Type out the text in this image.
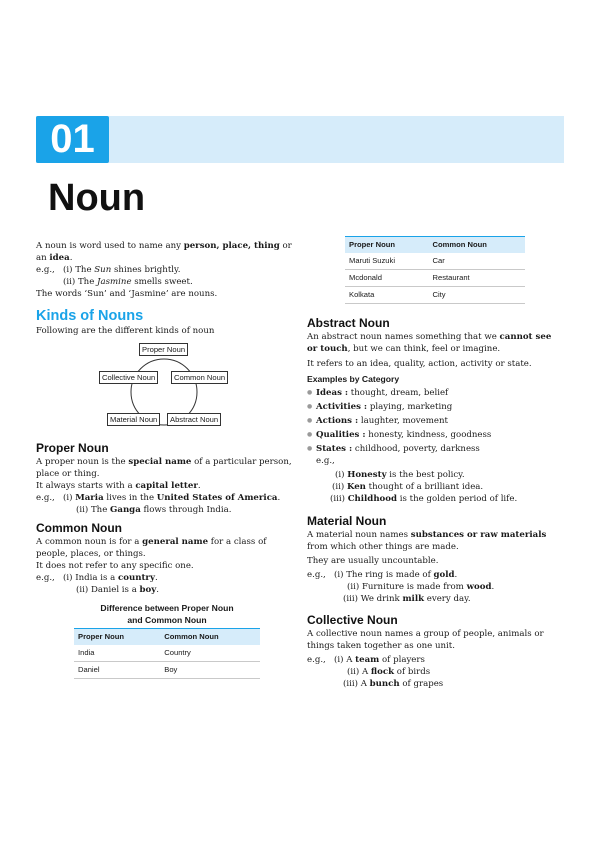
01
Noun

A noun is word used to name any person, place, thing or an idea.

e.g., (i) The Sun shines brightly.
(ii) The Jasmine smells sweet.

The words ‘Sun’ and ‘Jasmine’ are nouns.

Kinds of Nouns

Following are the different kinds of noun

Proper Noun
Collective Noun	Common Noun
Material Noun	Abstract Noun
Proper Noun

A proper noun is the special name of a particular person, place or thing.

It always starts with a capital letter.

e.g., (i) Maria lives in the United States of America.
(ii) The Ganga flows through India.
Common Noun

A common noun is for a general name for a class of people, places, or things.

It does not refer to any specific one.

e.g., (i) India is a country.
(ii) Daniel is a boy.
Difference between Proper Noun
and Common Noun
Proper Noun	Common Noun
India	Country
Daniel	Boy
Proper Noun	Common Noun
Maruti Suzuki	Car
Mcdonald	Restaurant
Kolkata	City
Abstract Noun

An abstract noun names something that we cannot see or touch, but we can think, feel or imagine.

It refers to an idea, quality, action, activity or state.

Examples by Category
● Ideas : thought, dream, belief
● Activities : playing, marketing
● Actions : laughter, movement
● Qualities : honesty, kindness, goodness
● States : childhood, poverty, darkness

e.g.,

(i) Honesty is the best policy.

(ii) Ken thought of a brilliant idea.

(iii) Childhood is the golden period of life.

Material Noun

A material noun names substances or raw materials from which other things are made.

They are usually uncountable.

e.g., (i) The ring is made of gold.
(ii) Furniture is made from wood.
(iii) We drink milk every day.
Collective Noun

A collective noun names a group of people, animals or things taken together as one unit.

e.g., (i) A team of players
(ii) A flock of birds
(iii) A bunch of grapes
